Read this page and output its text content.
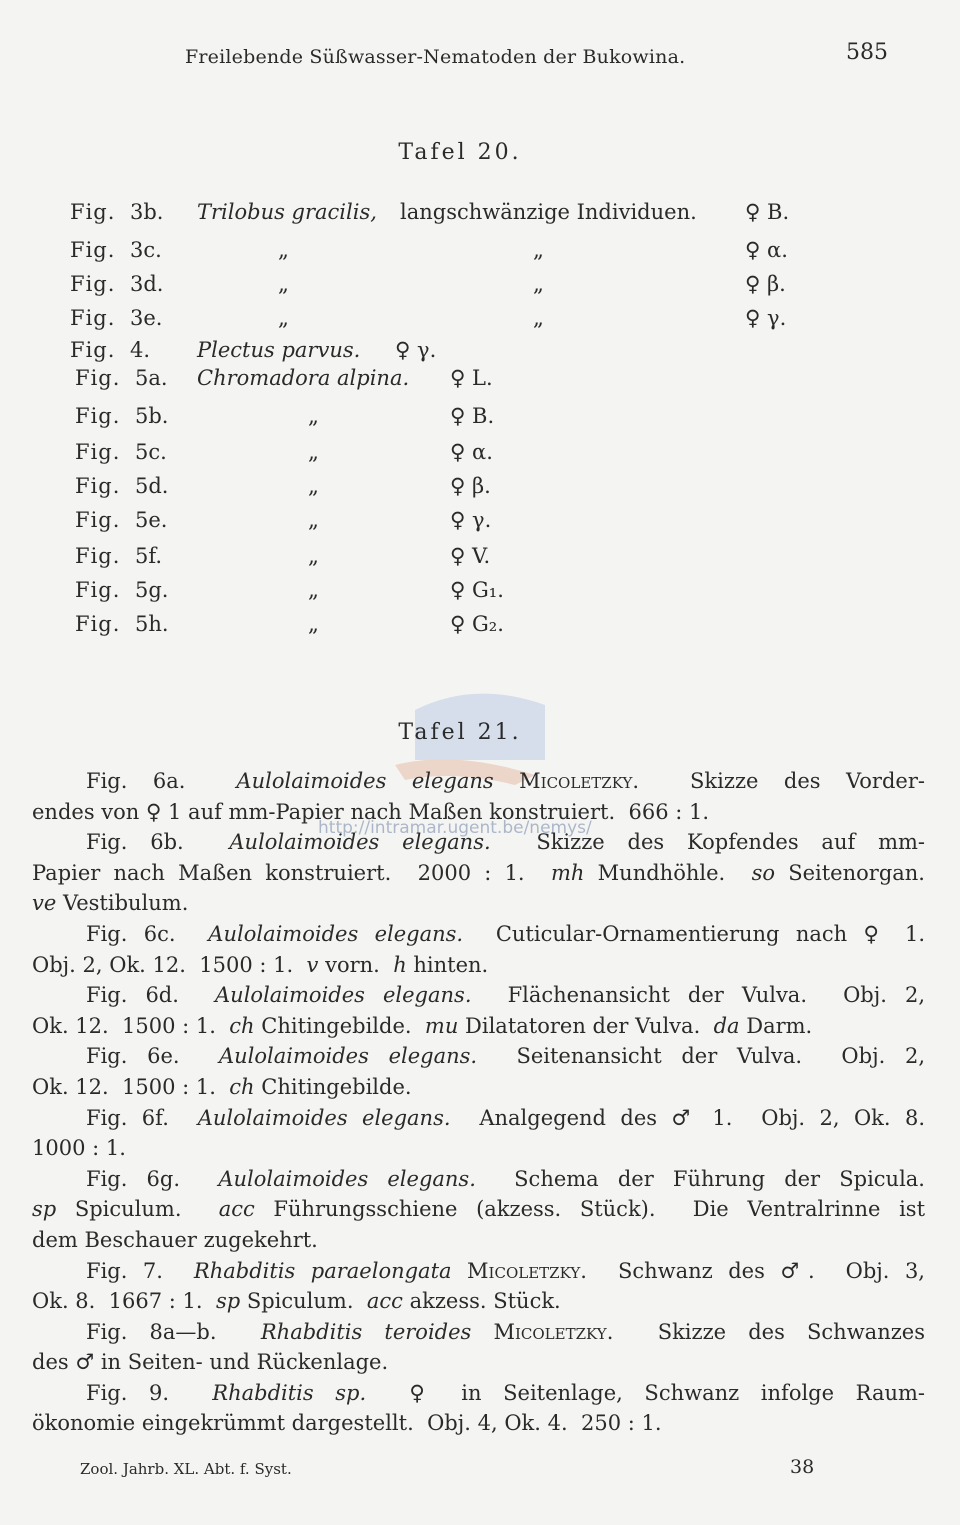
Freilebende Süßwasser-Nematoden der Bukowina.	585
http://intramar.ugent.be/nemys/
Tafel 20.
Fig. 3b. Trilobus gracilis, langschwänzige Individuen. ♀ B.
Fig. 3c.	„	„	♀ α.
Fig. 3d.	„	„	♀ β.
Fig. 3e.	„	„	♀ γ.
Fig. 4. Plectus parvus. ♀ γ.
Fig. 5a. Chromadora alpina. ♀ L.
Fig. 5b.	„	♀ B.
Fig. 5c.	„	♀ α.
Fig. 5d.	„	♀ β.
Fig. 5e.	„	♀ γ.
Fig. 5f.	„	♀ V.
Fig. 5g.	„	♀ G₁.
Fig. 5h.	„	♀ G₂.
Tafel 21.
Fig. 6a.  Aulolaimoides elegans Micoletzky.  Skizze des Vorder-
endes von ♀ 1 auf mm-Papier nach Maßen konstruiert.  666 : 1.
Fig. 6b.  Aulolaimoides elegans.  Skizze des Kopfendes auf mm-
Papier nach Maßen konstruiert.  2000 : 1.  mh Mundhöhle.  so Seitenorgan.
ve Vestibulum.
Fig. 6c.  Aulolaimoides elegans.  Cuticular-Ornamentierung nach ♀ 1.
Obj. 2, Ok. 12.  1500 : 1.  v vorn.  h hinten.
Fig. 6d.  Aulolaimoides elegans.  Flächenansicht der Vulva.  Obj. 2,
Ok. 12.  1500 : 1.  ch Chitingebilde.  mu Dilatatoren der Vulva.  da Darm.
Fig. 6e.  Aulolaimoides elegans.  Seitenansicht der Vulva.  Obj. 2,
Ok. 12.  1500 : 1.  ch Chitingebilde.
Fig. 6f.  Aulolaimoides elegans.  Analgegend des ♂ 1.  Obj. 2, Ok. 8.
1000 : 1.
Fig. 6g.  Aulolaimoides elegans.  Schema der Führung der Spicula.
sp Spiculum.  acc Führungsschiene (akzess. Stück).  Die Ventralrinne ist
dem Beschauer zugekehrt.
Fig. 7.  Rhabditis paraelongata Micoletzky.  Schwanz des ♂.  Obj. 3,
Ok. 8.  1667 : 1.  sp Spiculum.  acc akzess. Stück.
Fig. 8a—b.  Rhabditis teroides Micoletzky.  Skizze des Schwanzes
des ♂ in Seiten- und Rückenlage.
Fig. 9.  Rhabditis sp.  ♀ in Seitenlage, Schwanz infolge Raum-
ökonomie eingekrümmt dargestellt.  Obj. 4, Ok. 4.  250 : 1.
Zool. Jahrb. XL. Abt. f. Syst.	38
